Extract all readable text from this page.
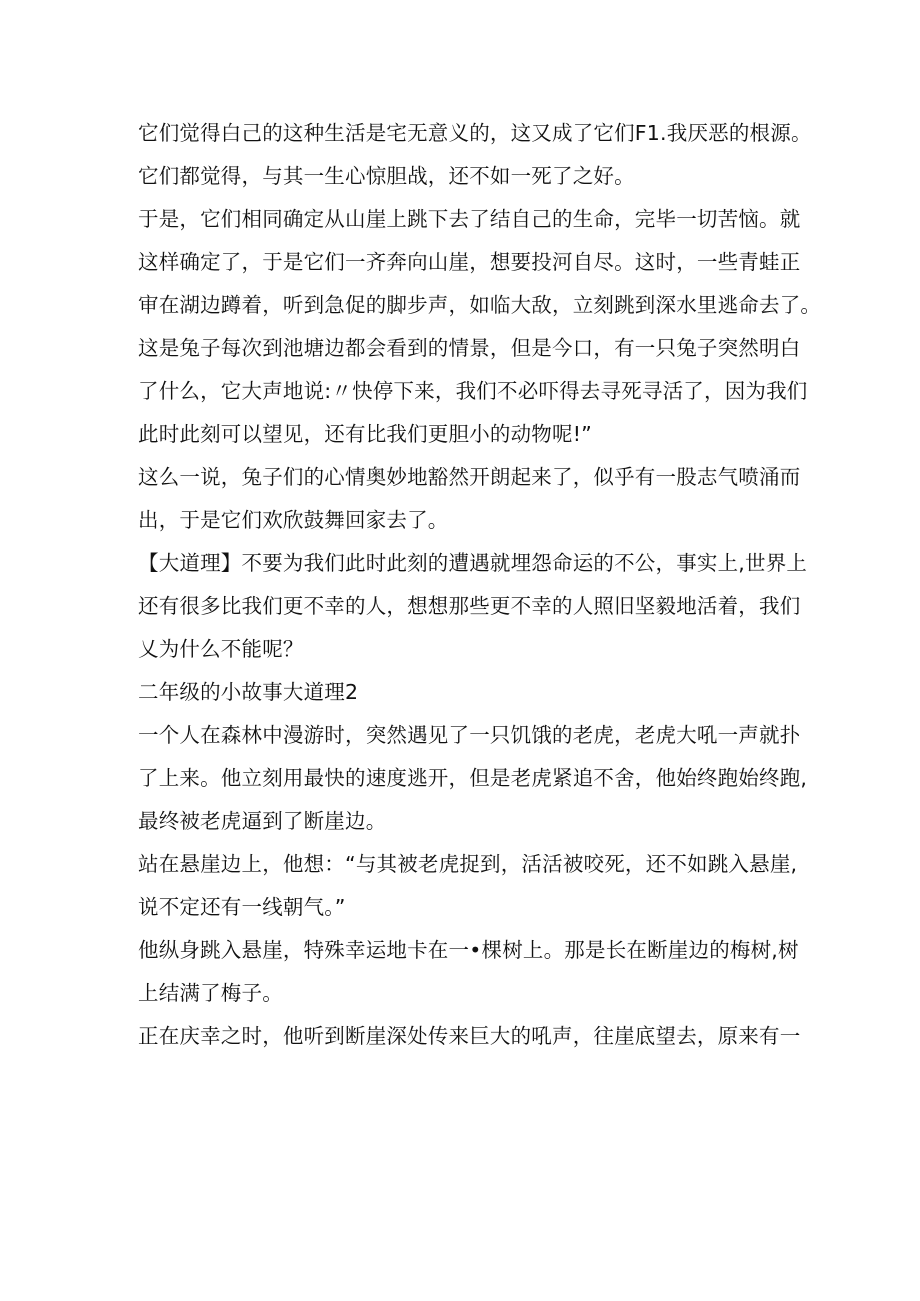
它们觉得白己的这种生活是宅无意义的，这又成了它们F1.我厌恶的根源。
它们都觉得，与其一生心惊胆战，还不如一死了之好。
于是，它们相同确定从山崖上跳下去了结自己的生命，完毕一切苦恼。就
这样确定了，于是它们一齐奔向山崖，想要投河自尽。这时，一些青蛙正
审在湖边蹲着，听到急促的脚步声，如临大敌，立刻跳到深水里逃命去了。
这是兔子每次到池塘边都会看到的情景，但是今口，有一只兔子突然明白
了什么，它大声地说:〃快停下来，我们不必吓得去寻死寻活了，因为我们
此时此刻可以望见，还有比我们更胆小的动物呢!”
这么一说，兔子们的心情奥妙地豁然开朗起来了，似乎有一股志气喷涌而
出，于是它们欢欣鼓舞回家去了。
【大道理】不要为我们此时此刻的遭遇就埋怨命运的不公，事实上,世界上
还有很多比我们更不幸的人，想想那些更不幸的人照旧坚毅地活着，我们
乂为什么不能呢？
二年级的小故事大道理2
一个人在森林中漫游时，突然遇见了一只饥饿的老虎，老虎大吼一声就扑
了上来。他立刻用最快的速度逃开，但是老虎紧追不舍，他始终跑始终跑,
最终被老虎逼到了断崖边。
站在悬崖边上，他想：“与其被老虎捉到，活活被咬死，还不如跳入悬崖,
说不定还有一线朝气。”
他纵身跳入悬崖，特殊幸运地卡在一•棵树上。那是长在断崖边的梅树,树
上结满了梅子。
正在庆幸之时，他听到断崖深处传来巨大的吼声，往崖底望去，原来有一
